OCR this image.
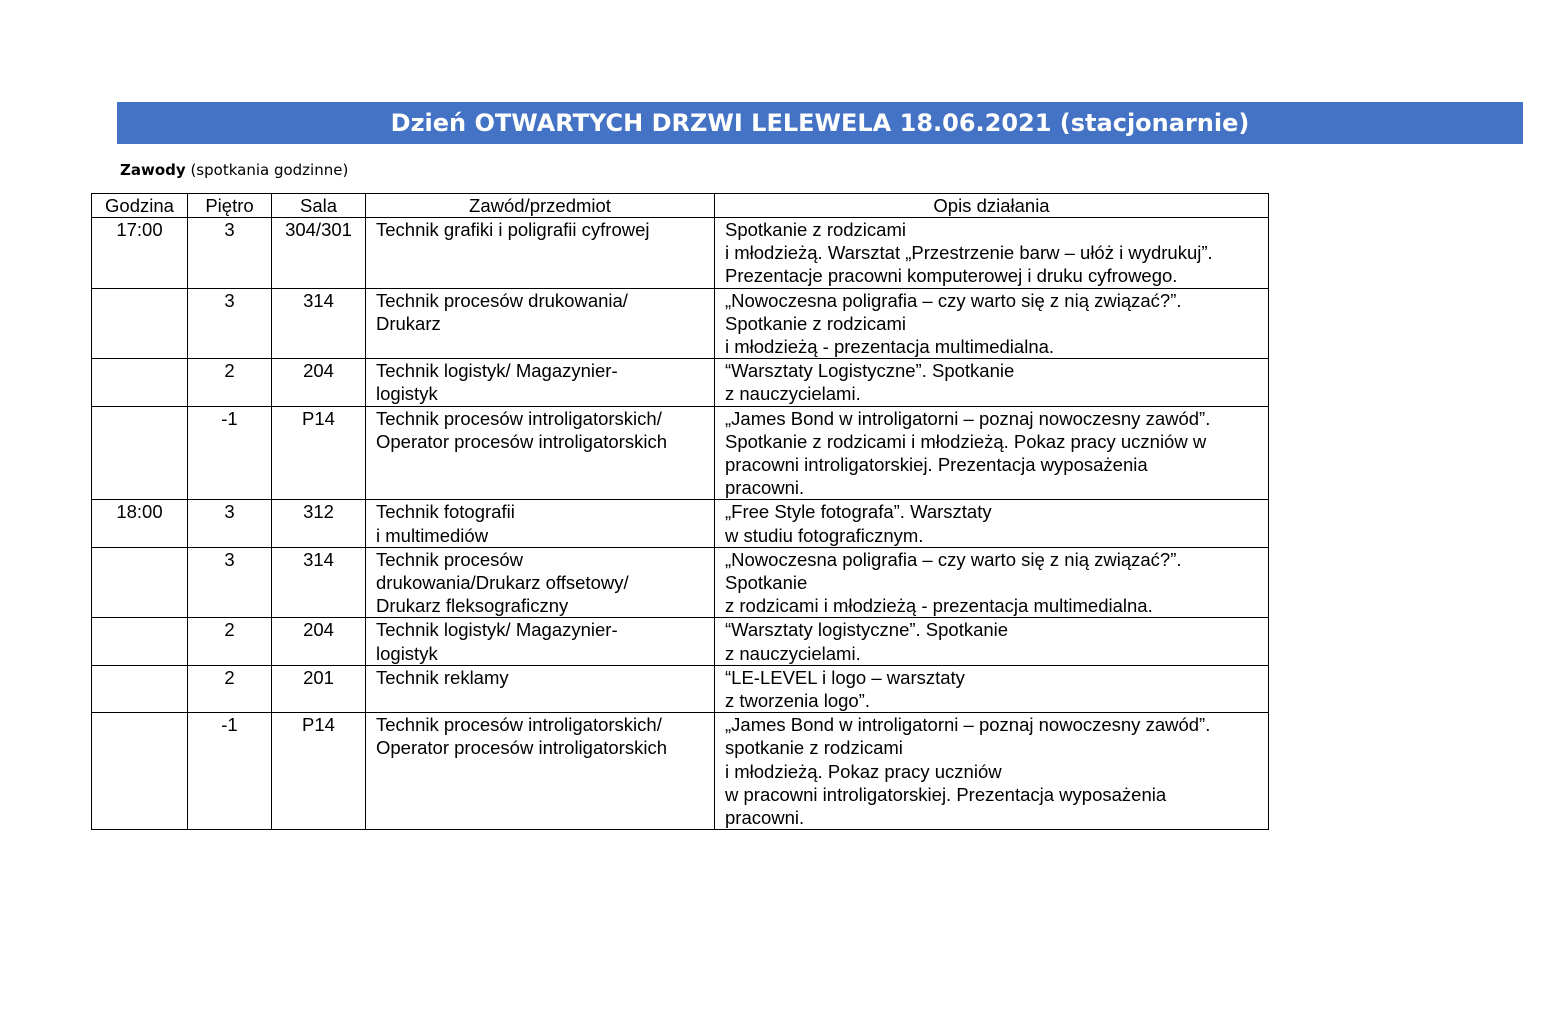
Dzień OTWARTYCH DRZWI LELEWELA 18.06.2021 (stacjonarnie)
Zawody (spotkania godzinne)
Godzina	Piętro	Sala	Zawód/przedmiot	Opis działania
17:00	3	304/301	Technik grafiki i poligrafii cyfrowej	Spotkanie z rodzicami
i młodzieżą. Warsztat „Przestrzenie barw – ułóż i wydrukuj”.
Prezentacje pracowni komputerowej i druku cyfrowego.
	3	314	Technik procesów drukowania/
Drukarz	„Nowoczesna poligrafia – czy warto się z nią związać?”.
Spotkanie z rodzicami
i młodzieżą - prezentacja multimedialna.
	2	204	Technik logistyk/ Magazynier-
logistyk	“Warsztaty Logistyczne”. Spotkanie
z nauczycielami.
	-1	P14	Technik procesów introligatorskich/
Operator procesów introligatorskich	„James Bond w introligatorni – poznaj nowoczesny zawód”.
Spotkanie z rodzicami i młodzieżą. Pokaz pracy uczniów w
pracowni introligatorskiej. Prezentacja wyposażenia
pracowni.
18:00	3	312	Technik fotografii
i multimediów	„Free Style fotografa”. Warsztaty
w studiu fotograficznym.
	3	314	Technik procesów
drukowania/Drukarz offsetowy/
Drukarz fleksograficzny	„Nowoczesna poligrafia – czy warto się z nią związać?”.
Spotkanie
z rodzicami i młodzieżą - prezentacja multimedialna.
	2	204	Technik logistyk/ Magazynier-
logistyk	“Warsztaty logistyczne”. Spotkanie
z nauczycielami.
	2	201	Technik reklamy	“LE-LEVEL i logo – warsztaty
z tworzenia logo”.
	-1	P14	Technik procesów introligatorskich/
Operator procesów introligatorskich	„James Bond w introligatorni – poznaj nowoczesny zawód”.
spotkanie z rodzicami
i młodzieżą. Pokaz pracy uczniów
w pracowni introligatorskiej. Prezentacja wyposażenia
pracowni.
